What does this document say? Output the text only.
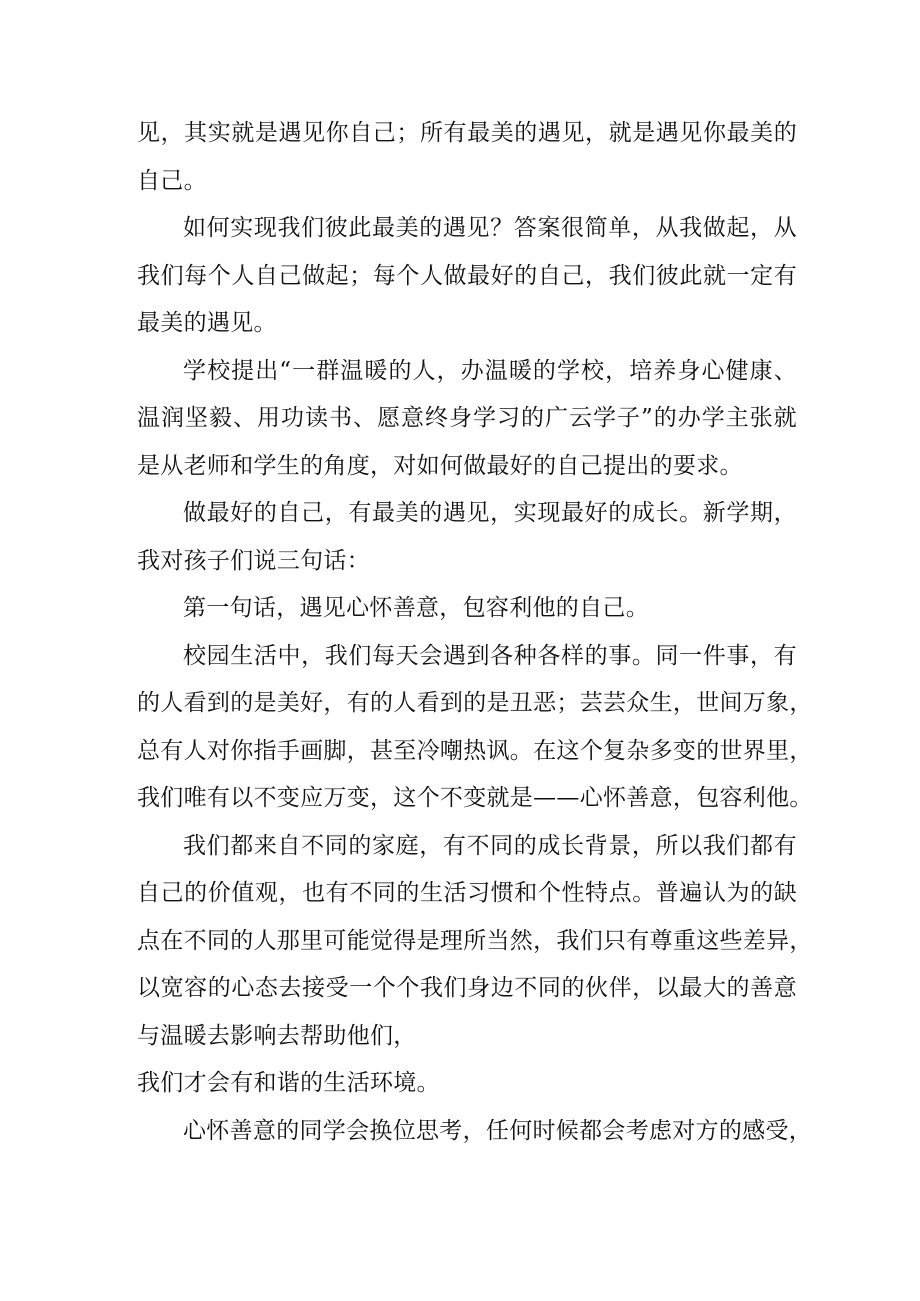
见，其实就是遇见你自己；所有最美的遇见，就是遇见你最美的
自己。
如何实现我们彼此最美的遇见？答案很简单，从我做起，从
我们每个人自己做起；每个人做最好的自己，我们彼此就一定有
最美的遇见。
学校提出“一群温暖的人，办温暖的学校，培养身心健康、
温润坚毅、用功读书、愿意终身学习的广云学子”的办学主张就
是从老师和学生的角度，对如何做最好的自己提出的要求。
做最好的自己，有最美的遇见，实现最好的成长。新学期，
我对孩子们说三句话：
第一句话，遇见心怀善意，包容利他的自己。
校园生活中，我们每天会遇到各种各样的事。同一件事，有
的人看到的是美好，有的人看到的是丑恶；芸芸众生，世间万象，
总有人对你指手画脚，甚至冷嘲热讽。在这个复杂多变的世界里，
我们唯有以不变应万变，这个不变就是——心怀善意，包容利他。
我们都来自不同的家庭，有不同的成长背景，所以我们都有
自己的价值观，也有不同的生活习惯和个性特点。普遍认为的缺
点在不同的人那里可能觉得是理所当然，我们只有尊重这些差异，
以宽容的心态去接受一个个我们身边不同的伙伴，以最大的善意
与温暖去影响去帮助他们，
我们才会有和谐的生活环境。
心怀善意的同学会换位思考，任何时候都会考虑对方的感受，
